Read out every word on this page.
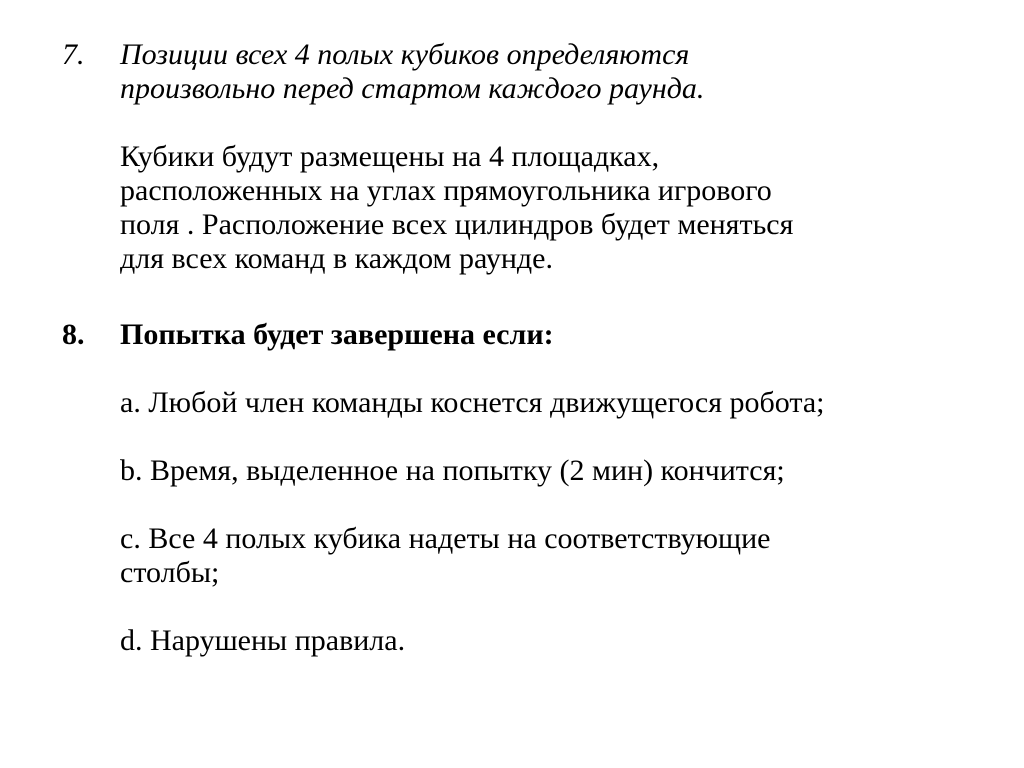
7. Позиции всех 4 полых кубиков определяются
произвольно перед стартом каждого раунда.
Кубики будут размещены на 4 площадках,
расположенных на углах прямоугольника игрового
поля . Расположение всех цилиндров будет меняться
для всех команд в каждом раунде.
8. Попытка будет завершена если:
a. Любой член команды коснется движущегося робота;
b. Время, выделенное на попытку (2 мин) кончится;
c. Все 4 полых кубика надеты на соответствующие
столбы;
d. Нарушены правила.
